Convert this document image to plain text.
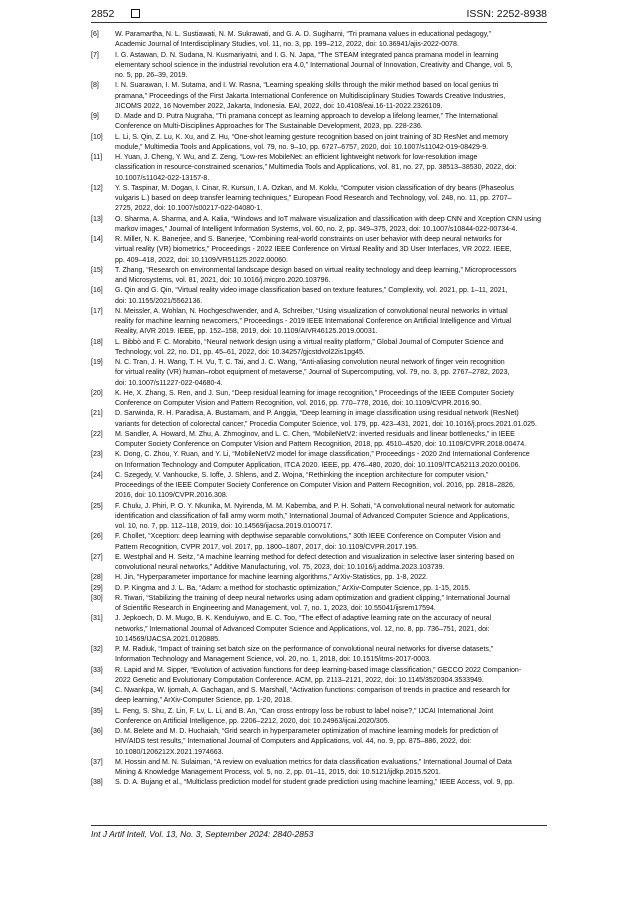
2852	ISSN: 2252-8938
[6] W. Paramartha, N. L. Sustiawati, N. M. Sukrawati, and G. A. D. Sugiharni, “Tri pramana values in educational pedagogy,”
Academic Journal of Interdisciplinary Studies, vol. 11, no. 3, pp. 199–212, 2022, doi: 10.36941/ajis-2022-0078.
[7] I. G. Astawan, D. N. Sudana, N. Kusmariyatni, and I. G. N. Japa, “The STEAM integrated panca pramana model in learning
elementary school science in the industrial revolution era 4.0,” International Journal of Innovation, Creativity and Change, vol. 5,
no. 5, pp. 26–39, 2019.
[8] I. N. Suarawan, I. M. Sutama, and I. W. Rasna, “Learning speaking skills through the mikir method based on local genius tri
pramana,” Proceedings of the First Jakarta International Conference on Multidisciplinary Studies Towards Creative Industries,
JICOMS 2022, 16 November 2022, Jakarta, Indonesia. EAI, 2022, doi: 10.4108/eai.16-11-2022.2326109.
[9] D. Made and D. Putra Nugraha, “Tri pramana concept as learning approach to develop a lifelong learner,” The International
Conference on Multi-Disciplines Approaches for The Sustainable Development, 2023, pp. 228-236.
[10] L. Li, S. Qin, Z. Lu, K. Xu, and Z. Hu, “One-shot learning gesture recognition based on joint training of 3D ResNet and memory
module,” Multimedia Tools and Applications, vol. 79, no. 9–10, pp. 6727–6757, 2020, doi: 10.1007/s11042-019-08429-9.
[11] H. Yuan, J. Cheng, Y. Wu, and Z. Zeng, “Low-res MobileNet: an efficient lightweight network for low-resolution image
classification in resource-constrained scenarios,” Multimedia Tools and Applications, vol. 81, no. 27, pp. 38513–38530, 2022, doi:
10.1007/s11042-022-13157-8.
[12] Y. S. Taspinar, M. Dogan, I. Cinar, R. Kursun, I. A. Ozkan, and M. Koklu, “Computer vision classification of dry beans (Phaseolus
vulgaris L.) based on deep transfer learning techniques,” European Food Research and Technology, vol. 248, no. 11, pp. 2707–
2725, 2022, doi: 10.1007/s00217-022-04080-1.
[13] O. Sharma, A. Sharma, and A. Kalia, “Windows and IoT malware visualization and classification with deep CNN and Xception CNN using
markov images,” Journal of Intelligent Information Systems, vol. 60, no. 2, pp. 349–375, 2023, doi: 10.1007/s10844-022-00734-4.
[14] R. Miller, N. K. Banerjee, and S. Banerjee, “Combining real-world constraints on user behavior with deep neural networks for
virtual reality (VR) biometrics,” Proceedings - 2022 IEEE Conference on Virtual Reality and 3D User Interfaces, VR 2022. IEEE,
pp. 409–418, 2022, doi: 10.1109/VR51125.2022.00060.
[15] T. Zhang, “Research on environmental landscape design based on virtual reality technology and deep learning,” Microprocessors
and Microsystems, vol. 81, 2021, doi: 10.1016/j.micpro.2020.103796.
[16] G. Qin and G. Qin, “Virtual reality video image classification based on texture features,” Complexity, vol. 2021, pp. 1–11, 2021,
doi: 10.1155/2021/5562136.
[17] N. Meissler, A. Wohlan, N. Hochgeschwender, and A. Schreiber, “Using visualization of convolutional neural networks in virtual
reality for machine learning newcomers,” Proceedings - 2019 IEEE International Conference on Artificial Intelligence and Virtual
Reality, AIVR 2019. IEEE, pp. 152–158, 2019, doi: 10.1109/AIVR46125.2019.00031.
[18] L. Bibbò and F. C. Morabito, “Neural network design using a virtual reality platform,” Global Journal of Computer Science and
Technology, vol. 22, no. D1, pp. 45–61, 2022, doi: 10.34257/gjcstdvol22is1pg45.
[19] N. C. Tran, J. H. Wang, T. H. Vu, T. C. Tai, and J. C. Wang, “Anti-aliasing convolution neural network of finger vein recognition
for virtual reality (VR) human–robot equipment of metaverse,” Journal of Supercomputing, vol. 79, no. 3, pp. 2767–2782, 2023,
doi: 10.1007/s11227-022-04680-4.
[20] K. He, X. Zhang, S. Ren, and J. Sun, “Deep residual learning for image recognition,” Proceedings of the IEEE Computer Society
Conference on Computer Vision and Pattern Recognition, vol. 2016, pp. 770–778, 2016, doi: 10.1109/CVPR.2016.90.
[21] D. Sarwinda, R. H. Paradisa, A. Bustamam, and P. Anggia, “Deep learning in image classification using residual network (ResNet)
variants for detection of colorectal cancer,” Procedia Computer Science, vol. 179, pp. 423–431, 2021, doi: 10.1016/j.procs.2021.01.025.
[22] M. Sandler, A. Howard, M. Zhu, A. Zhmoginov, and L. C. Chen, “MobileNetV2: inverted residuals and linear bottlenecks,” in IEEE
Computer Society Conference on Computer Vision and Pattern Recognition, 2018, pp. 4510–4520, doi: 10.1109/CVPR.2018.00474.
[23] K. Dong, C. Zhou, Y. Ruan, and Y. Li, “MobileNetV2 model for image classification,” Proceedings - 2020 2nd International Conference
on Information Technology and Computer Application, ITCA 2020. IEEE, pp. 476–480, 2020, doi: 10.1109/ITCA52113.2020.00106.
[24] C. Szegedy, V. Vanhoucke, S. Ioffe, J. Shlens, and Z. Wojna, “Rethinking the inception architecture for computer vision,”
Proceedings of the IEEE Computer Society Conference on Computer Vision and Pattern Recognition, vol. 2016, pp. 2818–2826,
2016, doi: 10.1109/CVPR.2016.308.
[25] F. Chulu, J. Phiri, P. O. Y. Nkunika, M. Nyirenda, M. M. Kabemba, and P. H. Sohati, “A convolutional neural network for automatic
identification and classification of fall army worm moth,” International Journal of Advanced Computer Science and Applications,
vol. 10, no. 7, pp. 112–118, 2019, doi: 10.14569/ijacsa.2019.0100717.
[26] F. Chollet, “Xception: deep learning with depthwise separable convolutions,” 30th IEEE Conference on Computer Vision and
Pattern Recognition, CVPR 2017, vol. 2017, pp. 1800–1807, 2017, doi: 10.1109/CVPR.2017.195.
[27] E. Westphal and H. Seitz, “A machine learning method for defect detection and visualization in selective laser sintering based on
convolutional neural networks,” Additive Manufacturing, vol. 75, 2023, doi: 10.1016/j.addma.2023.103739.
[28] H. Jin, “Hyperparameter importance for machine learning algorithms,” ArXiv-Statistics, pp. 1-8, 2022.
[29] D. P. Kingma and J. L. Ba, “Adam: a method for stochastic optimization,” ArXiv-Computer Science, pp. 1-15, 2015.
[30] R. Tiwari, “Stabilizing the training of deep neural networks using adam optimization and gradient clipping,” International Journal
of Scientific Research in Engineering and Management, vol. 7, no. 1, 2023, doi: 10.55041/ijsrem17594.
[31] J. Jepkoech, D. M. Mugo, B. K. Kenduiywo, and E. C. Too, “The effect of adaptive learning rate on the accuracy of neural
networks,” International Journal of Advanced Computer Science and Applications, vol. 12, no. 8, pp. 736–751, 2021, doi:
10.14569/IJACSA.2021.0120885.
[32] P. M. Radiuk, “Impact of training set batch size on the performance of convolutional neural networks for diverse datasets,”
Information Technology and Management Science, vol. 20, no. 1, 2018, doi: 10.1515/itms-2017-0003.
[33] R. Lapid and M. Sipper, “Evolution of activation functions for deep learning-based image classification,” GECCO 2022 Companion-
2022 Genetic and Evolutionary Computation Conference. ACM, pp. 2113–2121, 2022, doi: 10.1145/3520304.3533949.
[34] C. Nwankpa, W. Ijomah, A. Gachagan, and S. Marshall, “Activation functions: comparison of trends in practice and research for
deep learning,” ArXiv-Computer Science, pp. 1-20, 2018.
[35] L. Feng, S. Shu, Z. Lin, F. Lv, L. Li, and B. An, “Can cross entropy loss be robust to label noise?,” IJCAI International Joint
Conference on Artificial Intelligence, pp. 2206–2212, 2020, doi: 10.24963/ijcai.2020/305.
[36] D. M. Belete and M. D. Huchaiah, “Grid search in hyperparameter optimization of machine learning models for prediction of
HIV/AIDS test results,” International Journal of Computers and Applications, vol. 44, no. 9, pp. 875–886, 2022, doi:
10.1080/1206212X.2021.1974663.
[37] M. Hossin and M. N. Sulaiman, “A review on evaluation metrics for data classification evaluations,” International Journal of Data
Mining & Knowledge Management Process, vol. 5, no. 2, pp. 01–11, 2015, doi: 10.5121/ijdkp.2015.5201.
[38] S. D. A. Bujang et al., “Multiclass prediction model for student grade prediction using machine learning,” IEEE Access, vol. 9, pp.
Int J Artif Intell, Vol. 13, No. 3, September 2024: 2840-2853
